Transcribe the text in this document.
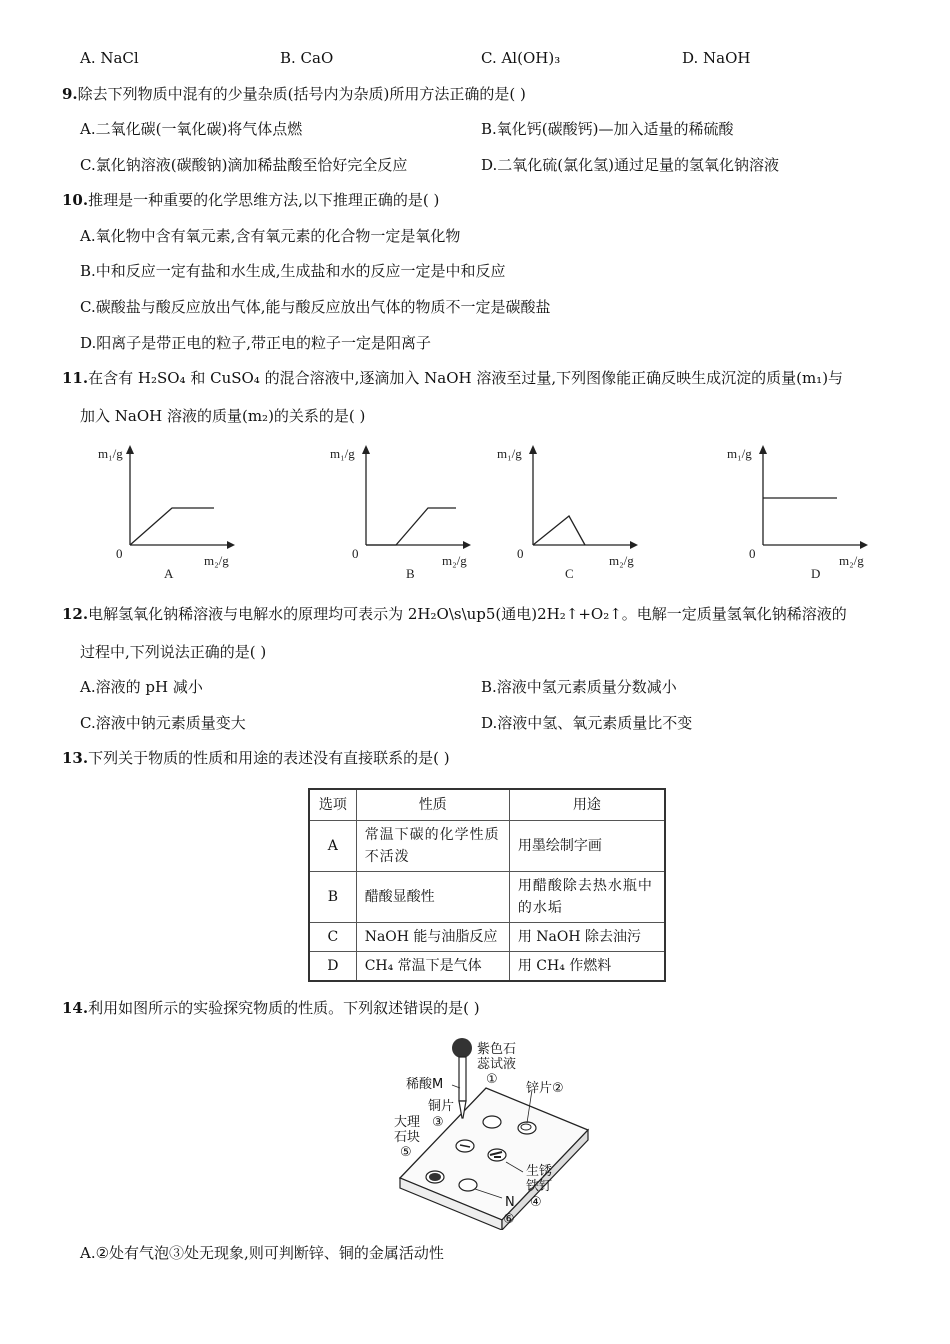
A. NaCl	B. CaO	C. Al(OH)₃	D. NaOH
9.除去下列物质中混有的少量杂质(括号内为杂质)所用方法正确的是( )
A.二氧化碳(一氧化碳)将气体点燃	B.氧化钙(碳酸钙)—加入适量的稀硫酸
C.氯化钠溶液(碳酸钠)滴加稀盐酸至恰好完全反应	D.二氧化硫(氯化氢)通过足量的氢氧化钠溶液
10.推理是一种重要的化学思维方法,以下推理正确的是( )
A.氧化物中含有氧元素,含有氧元素的化合物一定是氧化物
B.中和反应一定有盐和水生成,生成盐和水的反应一定是中和反应
C.碳酸盐与酸反应放出气体,能与酸反应放出气体的物质不一定是碳酸盐
D.阳离子是带正电的粒子,带正电的粒子一定是阳离子
11.在含有 H₂SO₄ 和 CuSO₄ 的混合溶液中,逐滴加入 NaOH 溶液至过量,下列图像能正确反映生成沉淀的质量(m₁)与
加入 NaOH 溶液的质量(m₂)的关系的是( )
m₁/g
0	m₂/g
A
m₁/g
0	m₂/g
B
m₁/g
0	m₂/g
C
m₁/g
0	m₂/g
D
12.电解氢氧化钠稀溶液与电解水的原理均可表示为 2H₂O\s\up5(通电)2H₂↑+O₂↑。电解一定质量氢氧化钠稀溶液的
过程中,下列说法正确的是( )
A.溶液的 pH 减小	B.溶液中氢元素质量分数减小
C.溶液中钠元素质量变大	D.溶液中氢、氧元素质量比不变
13.下列关于物质的性质和用途的表述没有直接联系的是( )
选项	性质	用途
A	常温下碳的化学性质不活泼	用墨绘制字画
B	醋酸显酸性	用醋酸除去热水瓶中的水垢
C	NaOH 能与油脂反应	用 NaOH 除去油污
D	CH₄ 常温下是气体	用 CH₄ 作燃料
14.利用如图所示的实验探究物质的性质。下列叙述错误的是( )
紫色石
蕊试液
①
稀酸M
铜片
③
锌片②
大理
石块
⑤
生锈
铁钉
④
N
⑥
A.②处有气泡③处无现象,则可判断锌、铜的金属活动性
